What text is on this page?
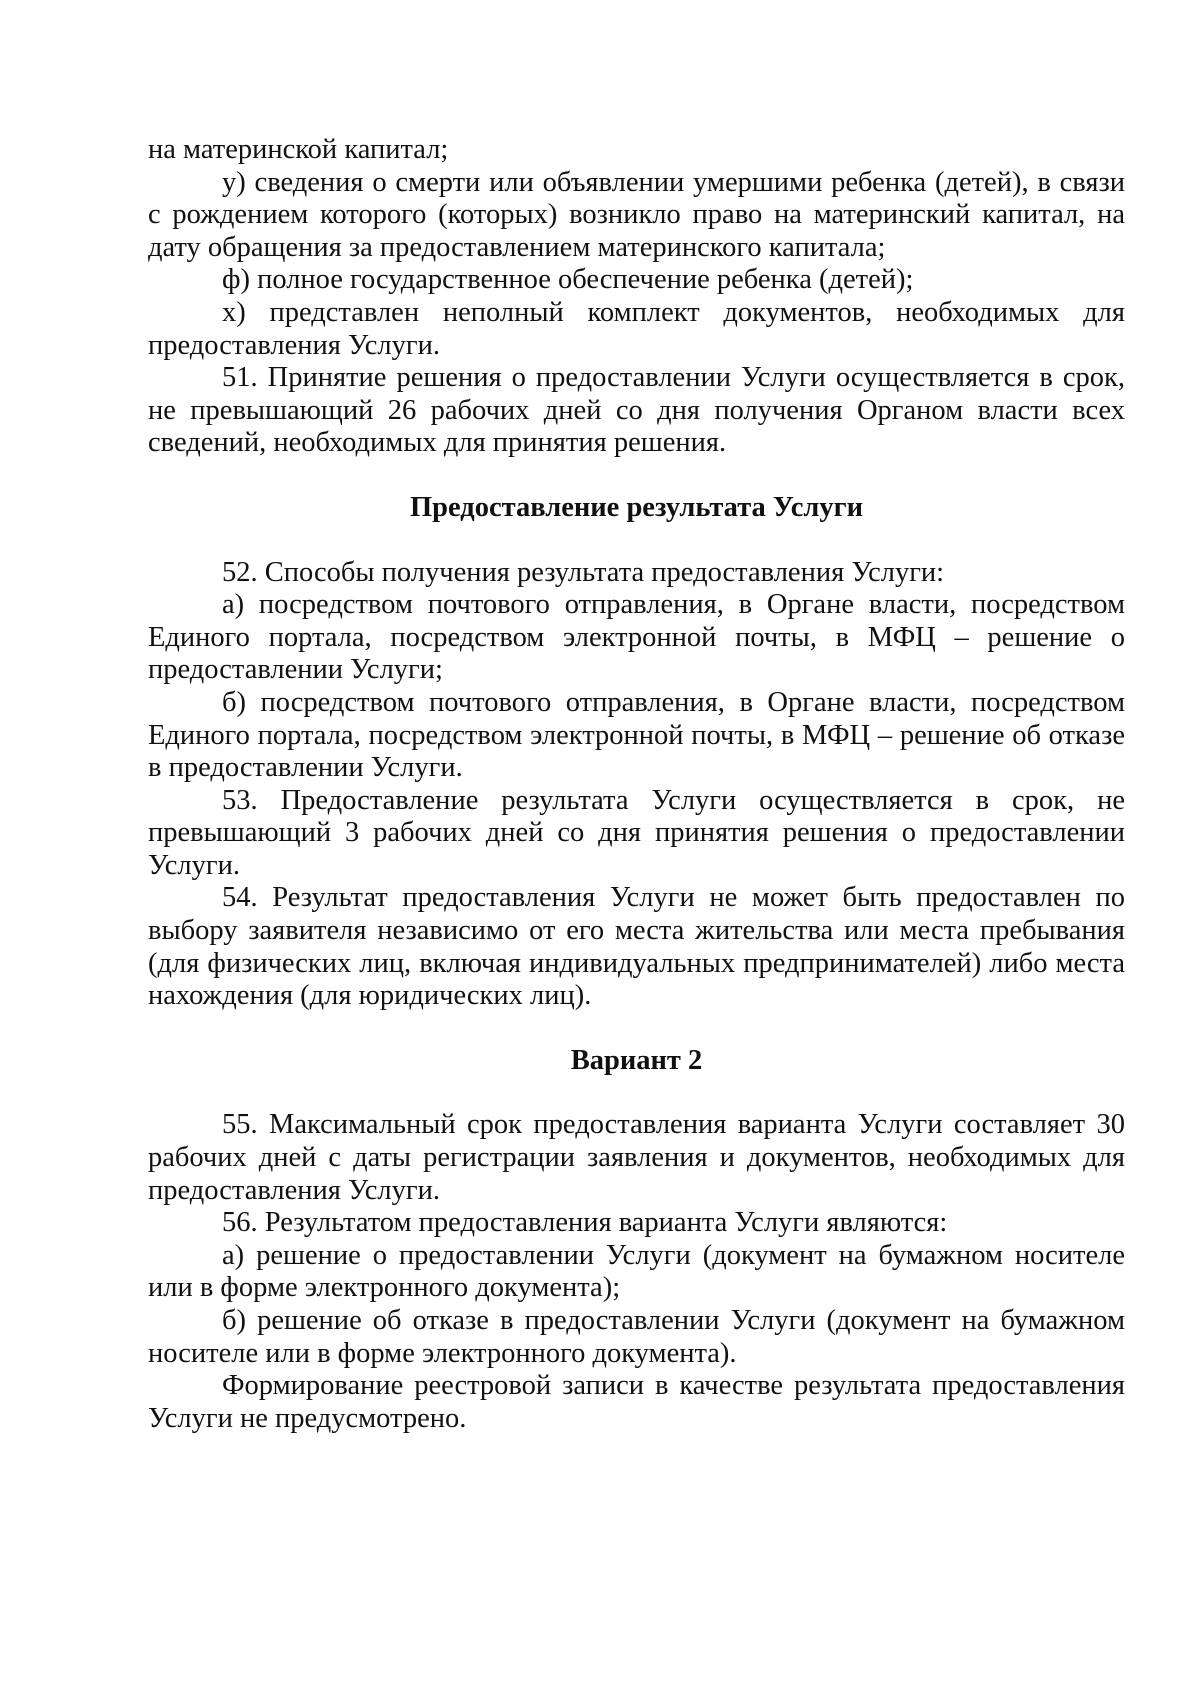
на материнской капитал;

у) сведения о смерти или объявлении умершими ребенка (детей), в связи с рождением которого (которых) возникло право на материнский капитал, на дату обращения за предоставлением материнского капитала;

ф) полное государственное обеспечение ребенка (детей);

х) представлен неполный комплект документов, необходимых для предоставления Услуги.

51. Принятие решения о предоставлении Услуги осуществляется в срок, не превышающий 26 рабочих дней со дня получения Органом власти всех сведений, необходимых для принятия решения.

Предоставление результата Услуги

52. Способы получения результата предоставления Услуги:

а) посредством почтового отправления, в Органе власти, посредством Единого портала, посредством электронной почты, в МФЦ – решение о предоставлении Услуги;

б) посредством почтового отправления, в Органе власти, посредством Единого портала, посредством электронной почты, в МФЦ – решение об отказе в предоставлении Услуги.

53. Предоставление результата Услуги осуществляется в срок, не превышающий 3 рабочих дней со дня принятия решения о предоставлении Услуги.

54. Результат предоставления Услуги не может быть предоставлен по выбору заявителя независимо от его места жительства или места пребывания (для физических лиц, включая индивидуальных предпринимателей) либо места нахождения (для юридических лиц).

Вариант 2

55. Максимальный срок предоставления варианта Услуги составляет 30 рабочих дней с даты регистрации заявления и документов, необходимых для предоставления Услуги.

56. Результатом предоставления варианта Услуги являются:

а) решение о предоставлении Услуги (документ на бумажном носителе или в форме электронного документа);

б) решение об отказе в предоставлении Услуги (документ на бумажном носителе или в форме электронного документа).

Формирование реестровой записи в качестве результата предоставления Услуги не предусмотрено.
